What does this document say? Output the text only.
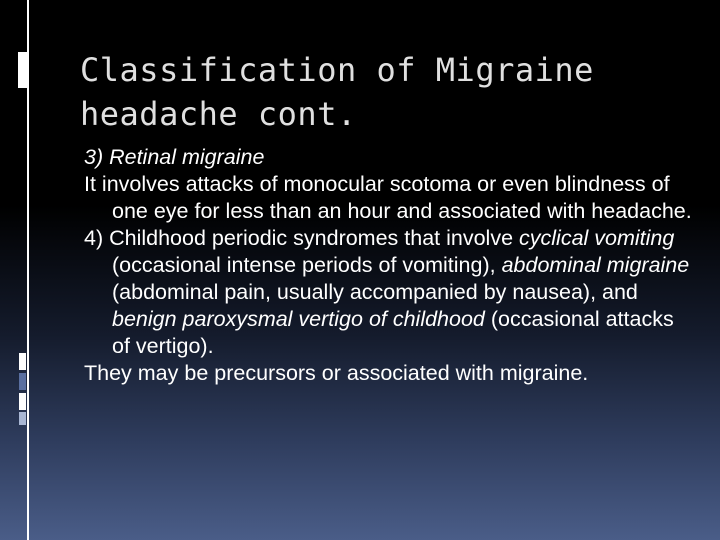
Classification of Migraine
headache cont.

3) Retinal migraine

It involves attacks of monocular scotoma or even blindness of one eye for less than an hour and associated with headache.

4) Childhood periodic syndromes that involve cyclical vomiting (occasional intense periods of vomiting), abdominal migraine (abdominal pain, usually accompanied by nausea), and benign paroxysmal vertigo of childhood (occasional attacks of vertigo).

They may be precursors or associated with migraine.
